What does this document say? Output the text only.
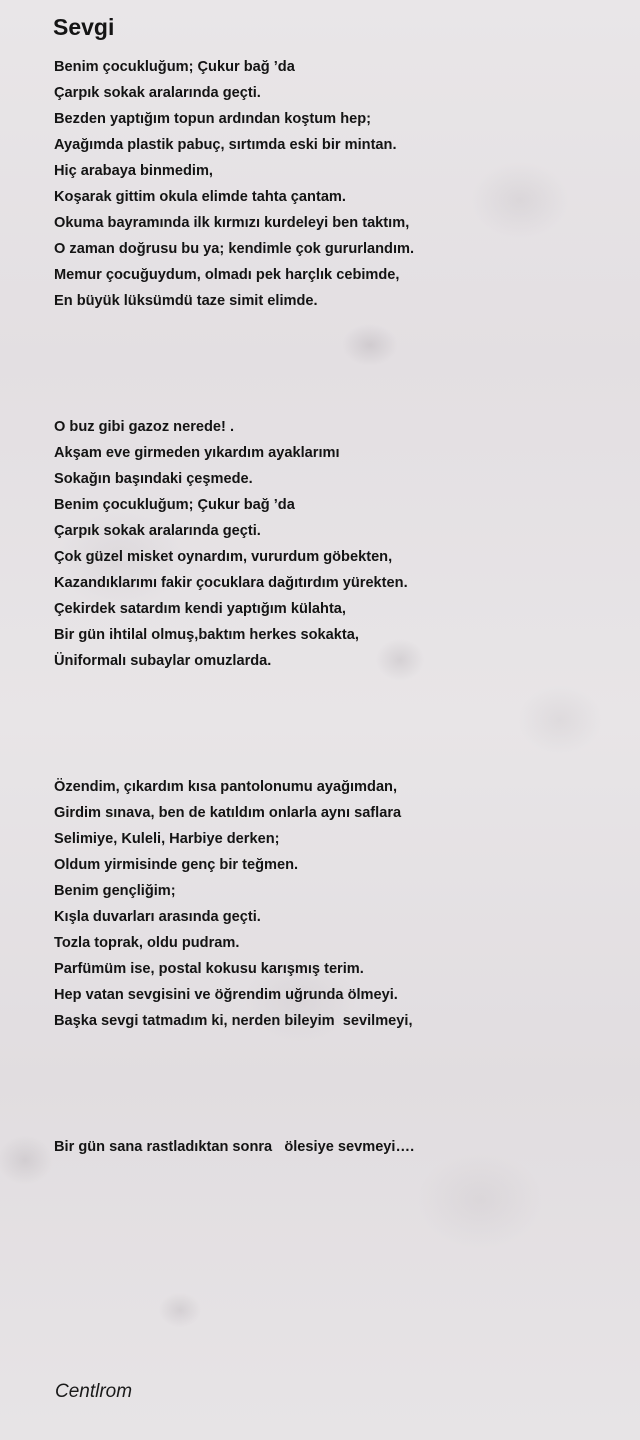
Sevgi
Benim çocukluğum; Çukur bağ ’da
Çarpık sokak aralarında geçti.
Bezden yaptığım topun ardından koştum hep;
Ayağımda plastik pabuç, sırtımda eski bir mintan.
Hiç arabaya binmedim,
Koşarak gittim okula elimde tahta çantam.
Okuma bayramında ilk kırmızı kurdeleyi ben taktım,
O zaman doğrusu bu ya; kendimle çok gururlandım.
Memur çocuğuydum, olmadı pek harçlık cebimde,
En büyük lüksümdü taze simit elimde.
O buz gibi gazoz nerede! .
Akşam eve girmeden yıkardım ayaklarımı
Sokağın başındaki çeşmede.
Benim çocukluğum; Çukur bağ ’da
Çarpık sokak aralarında geçti.
Çok güzel misket oynardım, vururdum göbekten,
Kazandıklarımı fakir çocuklara dağıtırdım yürekten.
Çekirdek satardım kendi yaptığım külahta,
Bir gün ihtilal olmuş,baktım herkes sokakta,
Üniformalı subaylar omuzlarda.
Özendim, çıkardım kısa pantolonumu ayağımdan,
Girdim sınava, ben de katıldım onlarla aynı saflara
Selimiye, Kuleli, Harbiye derken;
Oldum yirmisinde genç bir teğmen.
Benim gençliğim;
Kışla duvarları arasında geçti.
Tozla toprak, oldu pudram.
Parfümüm ise, postal kokusu karışmış terim.
Hep vatan sevgisini ve öğrendim uğrunda ölmeyi.
Başka sevgi tatmadım ki, nerden bileyim  sevilmeyi,
Bir gün sana rastladıktan sonra   ölesiye sevmeyi….
Centlrom
